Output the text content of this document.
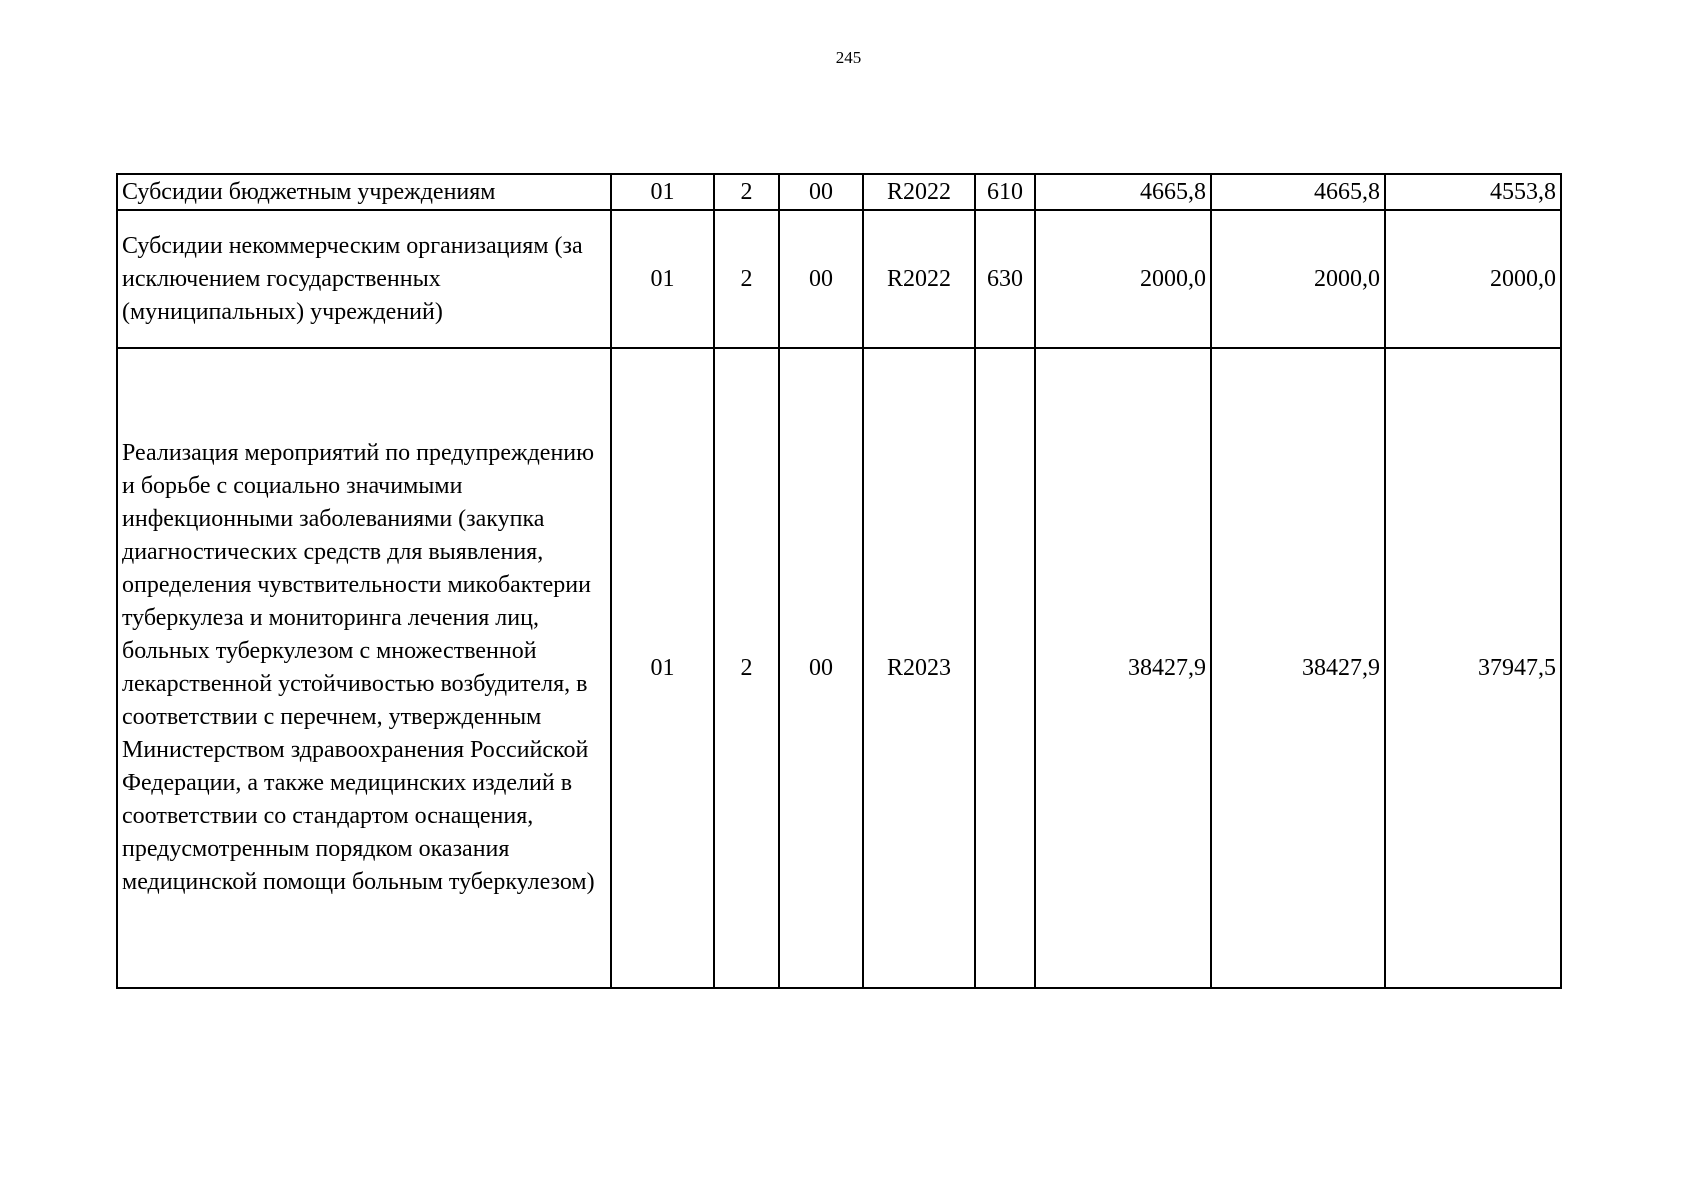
245
Субсидии бюджетным учреждениям	01	2	00	R2022	610	4665,8	4665,8	4553,8

Субсидии некоммерческим организациям (за исключением государственных (муниципальных) учреждений)	01	2	00	R2022	630	2000,0	2000,0	2000,0

Реализация мероприятий по предупреждению и борьбе с социально значимыми инфекционными заболеваниями (закупка диагностических средств для выявления, определения чувствительности микобактерии туберкулеза и мониторинга лечения лиц, больных туберкулезом с множественной лекарственной устойчивостью возбудителя, в соответствии с перечнем, утвержденным Министерством здравоохранения Российской Федерации, а также медицинских изделий в соответствии со стандартом оснащения, предусмотренным порядком оказания медицинской помощи больным туберкулезом)	01	2	00	R2023		38427,9	38427,9	37947,5
